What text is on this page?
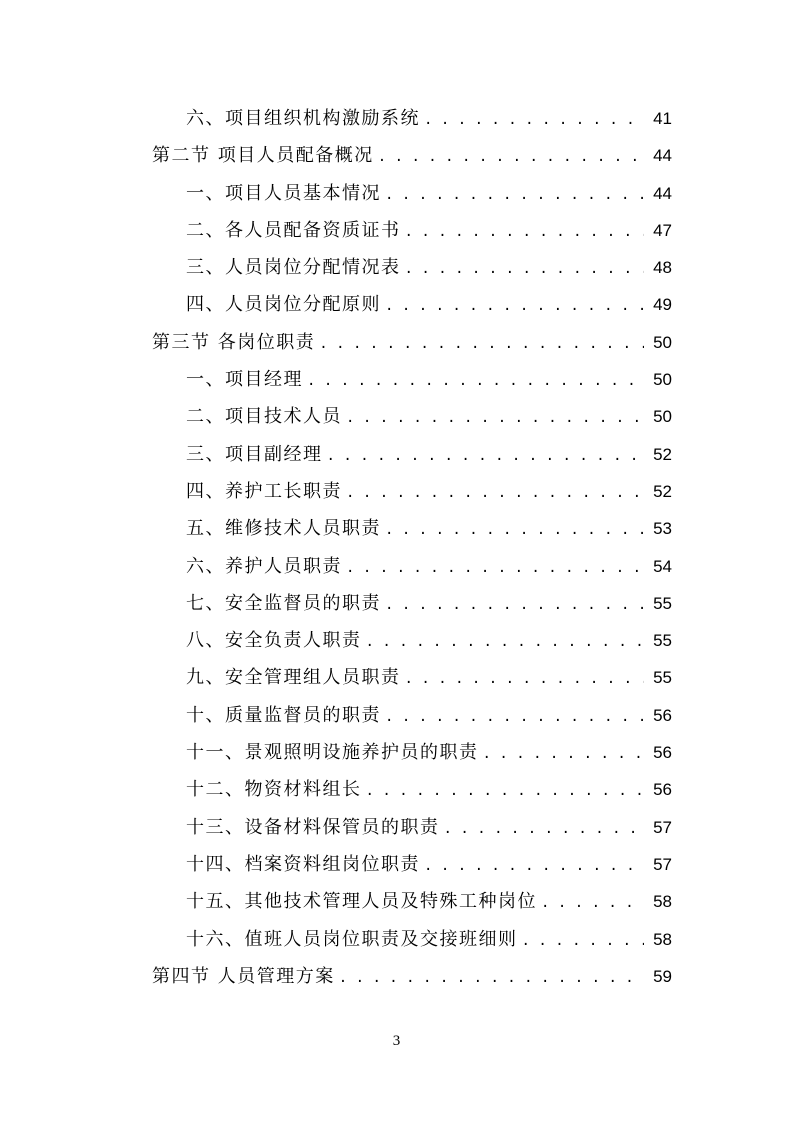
六、项目组织机构激励系统 . . .	41
第二节 项目人员配备概况 . . .	44
一、项目人员基本情况 . . .	44
二、各人员配备资质证书 . . .	47
三、人员岗位分配情况表 . . .	48
四、人员岗位分配原则 . . .	49
第三节 各岗位职责 . . .	50
一、项目经理 . . .	50
二、项目技术人员 . . .	50
三、项目副经理 . . .	52
四、养护工长职责 . . .	52
五、维修技术人员职责 . . .	53
六、养护人员职责 . . .	54
七、安全监督员的职责 . . .	55
八、安全负责人职责 . . .	55
九、安全管理组人员职责 . . .	55
十、质量监督员的职责 . . .	56
十一、景观照明设施养护员的职责 . . .	56
十二、物资材料组长 . . .	56
十三、设备材料保管员的职责 . . .	57
十四、档案资料组岗位职责 . . .	57
十五、其他技术管理人员及特殊工种岗位 . . .	58
十六、值班人员岗位职责及交接班细则 . . .	58
第四节 人员管理方案 . . .	59
3
